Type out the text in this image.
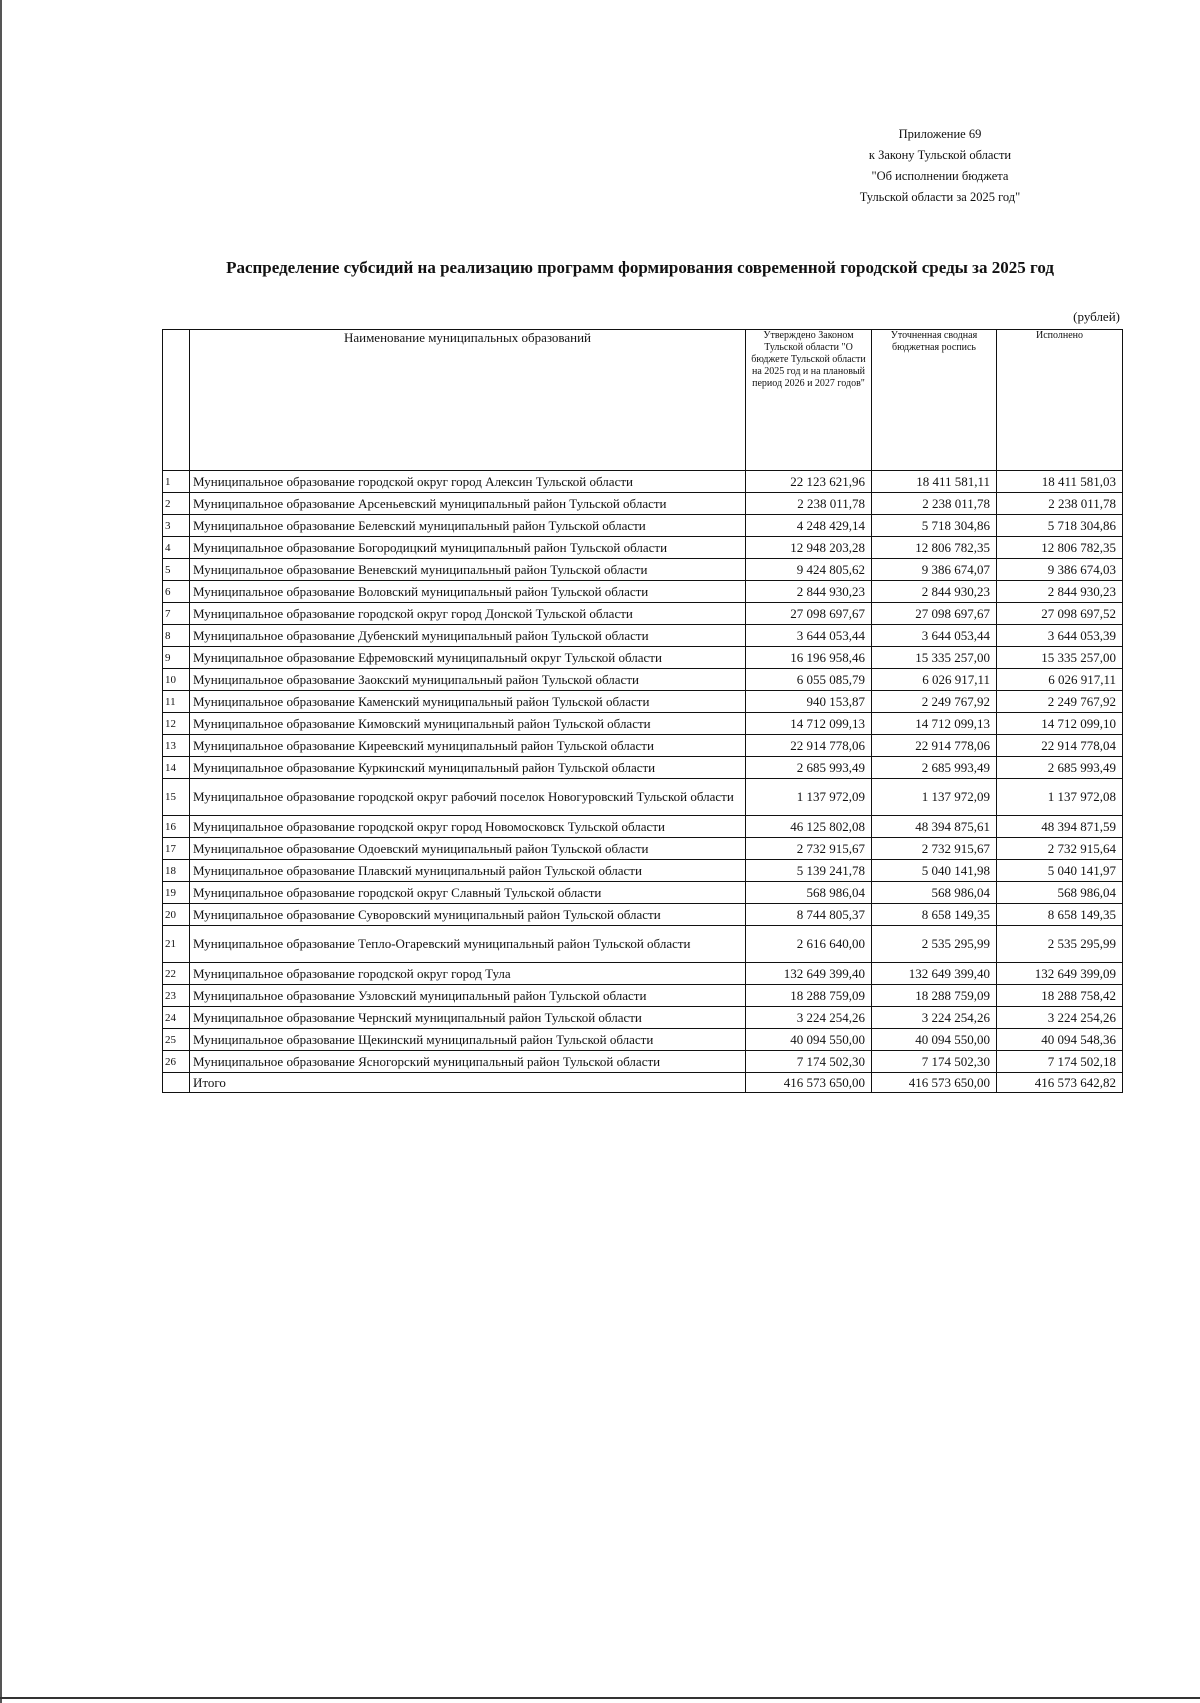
Приложение 69
к Закону Тульской области
"Об исполнении бюджета
Тульской области за 2025 год"
Распределение субсидий на реализацию программ формирования современной городской среды за 2025 год
(рублей)
	Наименование муниципальных образований	Утверждено Законом Тульской области "О бюджете Тульской области на 2025 год и на плановый период 2026 и 2027 годов"	Уточненная сводная бюджетная роспись	Исполнено
1	Муниципальное образование городской округ город Алексин Тульской области	22 123 621,96	18 411 581,11	18 411 581,03
2	Муниципальное образование Арсеньевский муниципальный район Тульской области	2 238 011,78	2 238 011,78	2 238 011,78
3	Муниципальное образование Белевский муниципальный район Тульской области	4 248 429,14	5 718 304,86	5 718 304,86
4	Муниципальное образование Богородицкий муниципальный район Тульской области	12 948 203,28	12 806 782,35	12 806 782,35
5	Муниципальное образование Веневский муниципальный район Тульской области	9 424 805,62	9 386 674,07	9 386 674,03
6	Муниципальное образование Воловский муниципальный район Тульской области	2 844 930,23	2 844 930,23	2 844 930,23
7	Муниципальное образование городской округ город Донской Тульской области	27 098 697,67	27 098 697,67	27 098 697,52
8	Муниципальное образование Дубенский муниципальный район Тульской области	3 644 053,44	3 644 053,44	3 644 053,39
9	Муниципальное образование Ефремовский муниципальный округ Тульской области	16 196 958,46	15 335 257,00	15 335 257,00
10	Муниципальное образование Заокский муниципальный район Тульской области	6 055 085,79	6 026 917,11	6 026 917,11
11	Муниципальное образование Каменский муниципальный район Тульской области	940 153,87	2 249 767,92	2 249 767,92
12	Муниципальное образование Кимовский муниципальный район Тульской области	14 712 099,13	14 712 099,13	14 712 099,10
13	Муниципальное образование Киреевский муниципальный район Тульской области	22 914 778,06	22 914 778,06	22 914 778,04
14	Муниципальное образование Куркинский муниципальный район Тульской области	2 685 993,49	2 685 993,49	2 685 993,49
15	Муниципальное образование городской округ рабочий поселок Новогуровский Тульской области	1 137 972,09	1 137 972,09	1 137 972,08
16	Муниципальное образование городской округ город Новомосковск Тульской области	46 125 802,08	48 394 875,61	48 394 871,59
17	Муниципальное образование Одоевский муниципальный район Тульской области	2 732 915,67	2 732 915,67	2 732 915,64
18	Муниципальное образование Плавский муниципальный район Тульской области	5 139 241,78	5 040 141,98	5 040 141,97
19	Муниципальное образование городской округ Славный Тульской области	568 986,04	568 986,04	568 986,04
20	Муниципальное образование Суворовский муниципальный район Тульской области	8 744 805,37	8 658 149,35	8 658 149,35
21	Муниципальное образование Тепло-Огаревский муниципальный район Тульской области	2 616 640,00	2 535 295,99	2 535 295,99
22	Муниципальное образование городской округ город Тула	132 649 399,40	132 649 399,40	132 649 399,09
23	Муниципальное образование Узловский муниципальный район Тульской области	18 288 759,09	18 288 759,09	18 288 758,42
24	Муниципальное образование Чернский муниципальный район Тульской области	3 224 254,26	3 224 254,26	3 224 254,26
25	Муниципальное образование Щекинский муниципальный район Тульской области	40 094 550,00	40 094 550,00	40 094 548,36
26	Муниципальное образование Ясногорский муниципальный район Тульской области	7 174 502,30	7 174 502,30	7 174 502,18
	Итого	416 573 650,00	416 573 650,00	416 573 642,82
